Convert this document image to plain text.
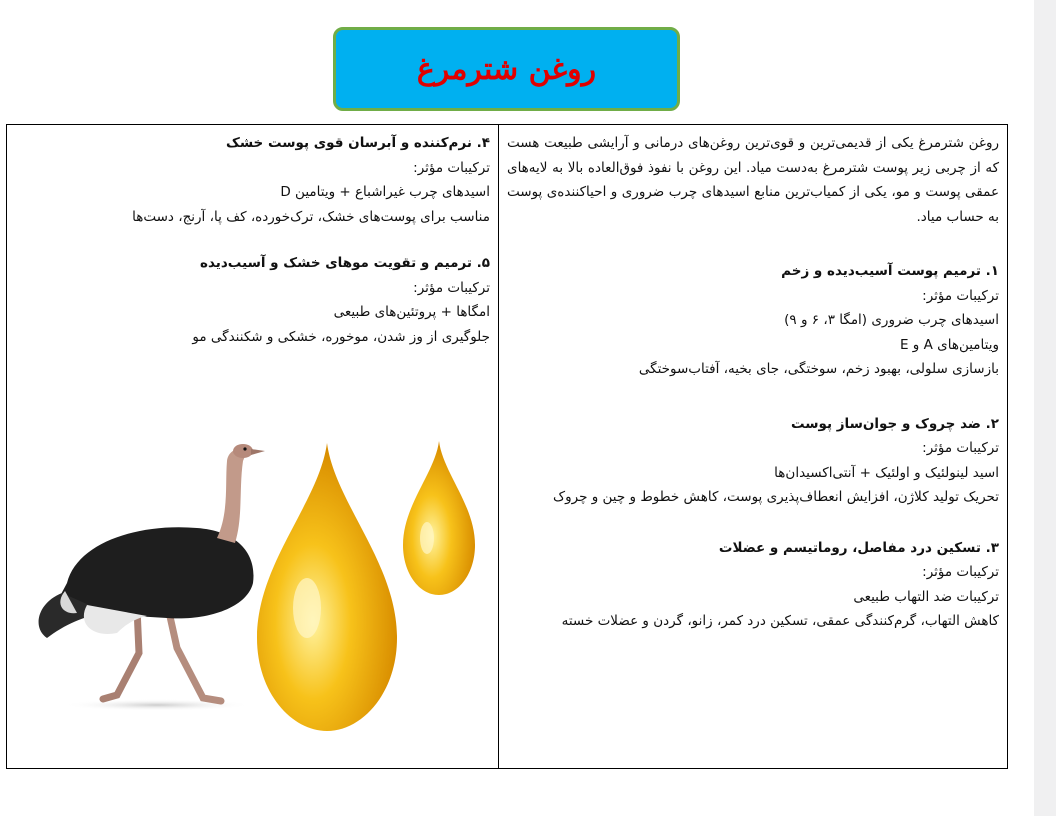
روغن شترمرغ

۴. نرم‌کننده و آبرسان قوی پوست خشک

ترکیبات مؤثر:

اسیدهای چرب غیراشباع + ویتامین D

مناسب برای پوست‌های خشک، ترک‌خورده، کف پا، آرنج، دست‌ها

۵. ترمیم و تقویت موهای خشک و آسیب‌دیده

ترکیبات مؤثر:

امگاها + پروتئین‌های طبیعی

جلوگیری از وز شدن، موخوره، خشکی و شکنندگی مو

روغن شترمرغ یکی از قدیمی‌ترین و قوی‌ترین روغن‌های درمانی و آرایشی طبیعت هست که از چربی زیر پوست شترمرغ به‌دست میاد. این روغن با نفوذ فوق‌العاده بالا به لایه‌های عمقی پوست و مو، یکی از کمیاب‌ترین منابع اسیدهای چرب ضروری و احیاکننده‌ی پوست به حساب میاد.

۱. ترمیم پوست آسیب‌دیده و زخم

ترکیبات مؤثر:

اسیدهای چرب ضروری (امگا ۳، ۶ و ۹)

ویتامین‌های A و E

بازسازی سلولی، بهبود زخم، سوختگی، جای بخیه، آفتاب‌سوختگی

۲. ضد چروک و جوان‌ساز پوست

ترکیبات مؤثر:

اسید لینولئیک و اولئیک + آنتی‌اکسیدان‌ها

تحریک تولید کلاژن، افزایش انعطاف‌پذیری پوست، کاهش خطوط و چین و چروک

۳. تسکین درد مفاصل، روماتیسم و عضلات

ترکیبات مؤثر:

ترکیبات ضد التهاب طبیعی

کاهش التهاب، گرم‌کنندگی عمقی، تسکین درد کمر، زانو، گردن و عضلات خسته
